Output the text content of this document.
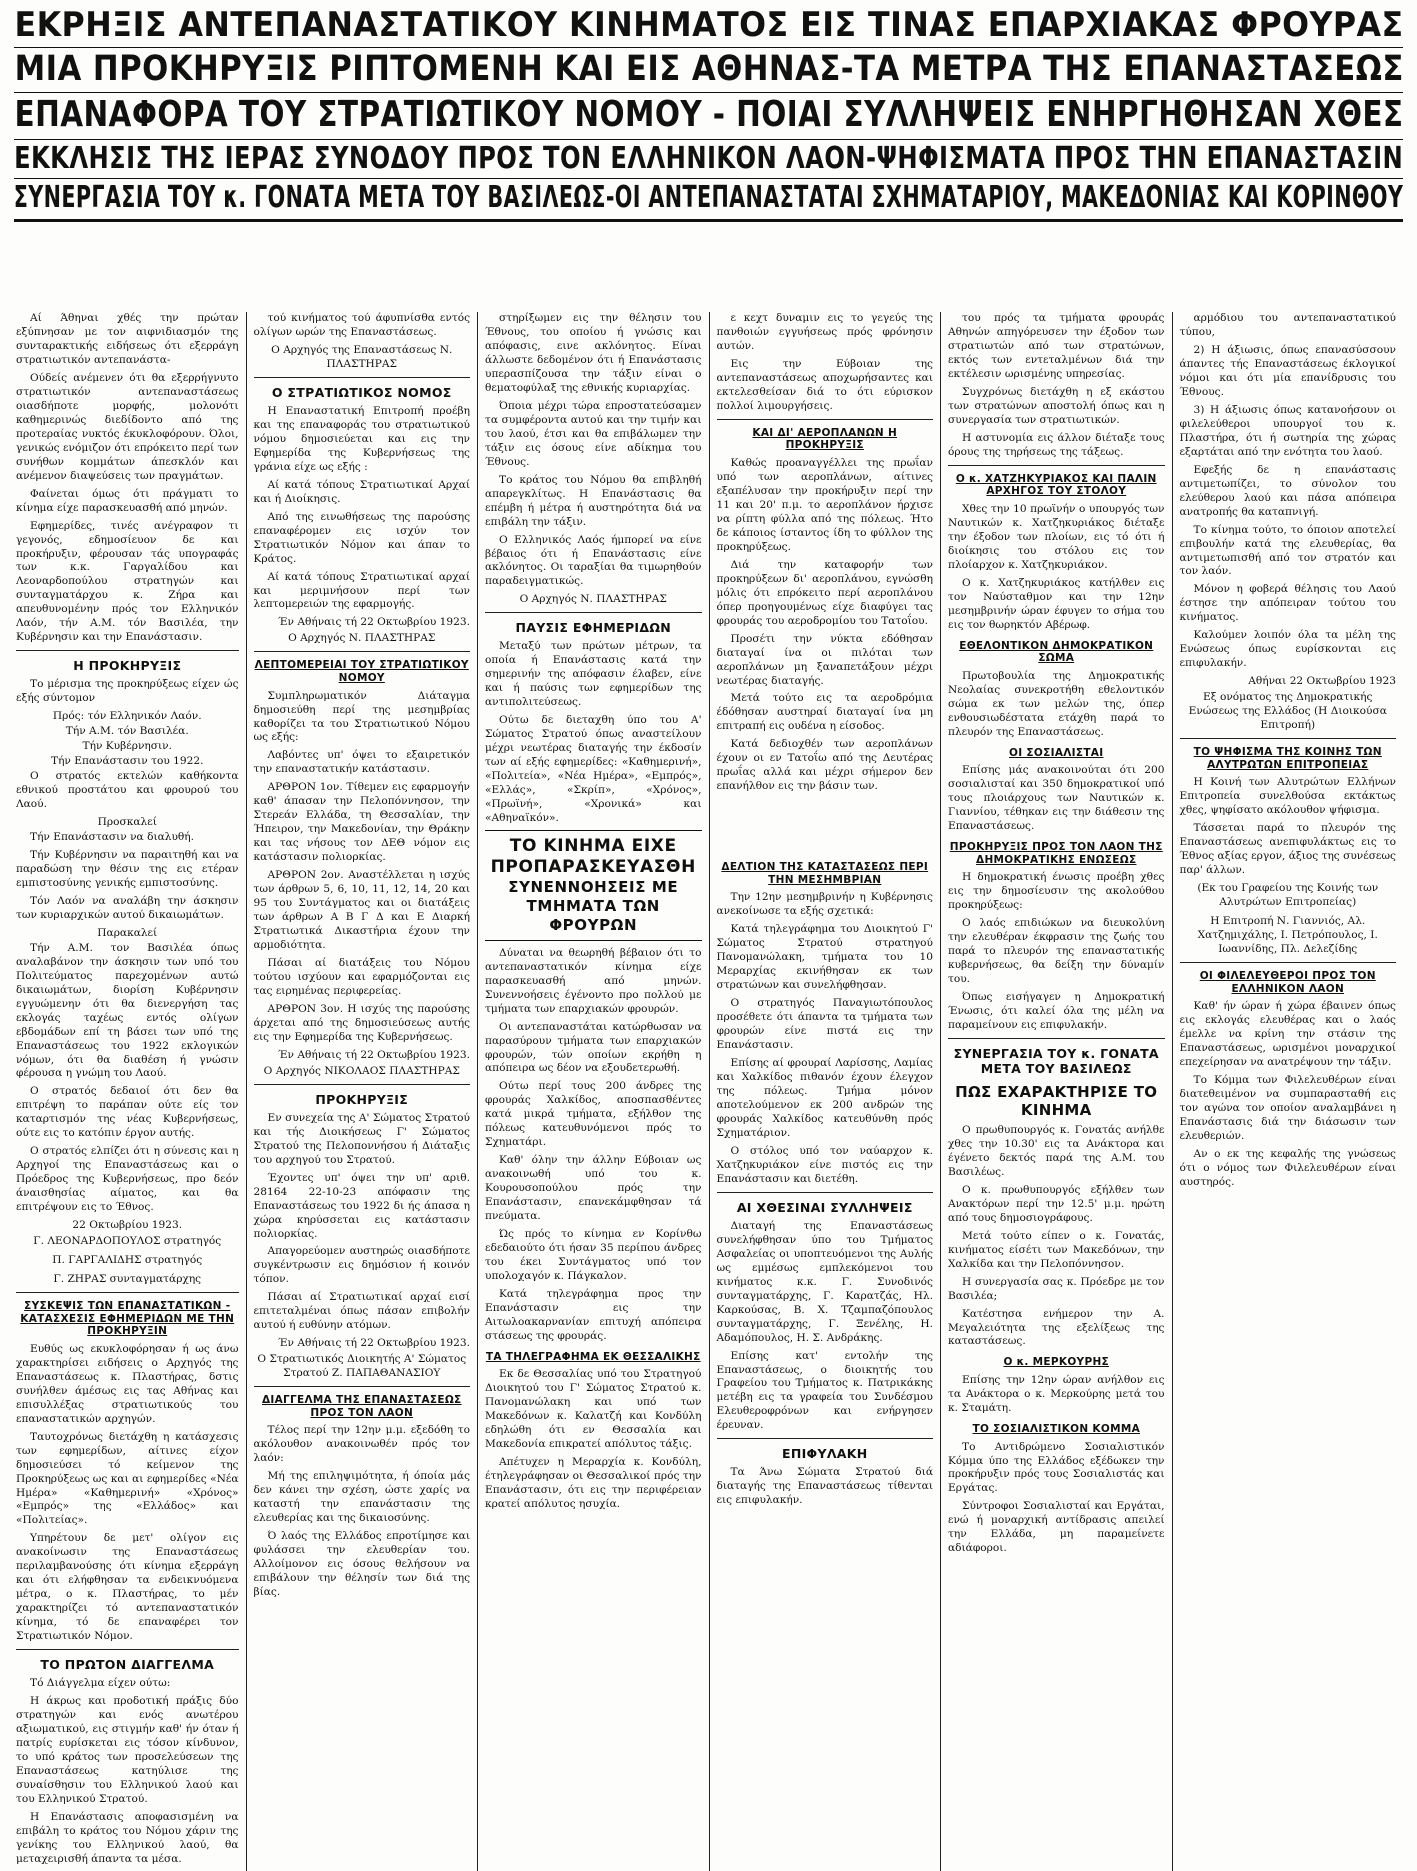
ΕΚΡΗΞΙΣ ΑΝΤΕΠΑΝΑΣΤΑΤΙΚΟΥ ΚΙΝΗΜΑΤΟΣ ΕΙΣ ΤΙΝΑΣ ΕΠΑΡΧΙΑΚΑΣ ΦΡΟΥΡΑΣ
ΜΙΑ ΠΡΟΚΗΡΥΞΙΣ ΡΙΠΤΟΜΕΝΗ ΚΑΙ ΕΙΣ ΑΘΗΝΑΣ-ΤΑ ΜΕΤΡΑ ΤΗΣ ΕΠΑΝΑΣΤΑΣΕΩΣ
ΕΠΑΝΑΦΟΡΑ ΤΟΥ ΣΤΡΑΤΙΩΤΙΚΟΥ ΝΟΜΟΥ - ΠΟΙΑΙ ΣΥΛΛΗΨΕΙΣ ΕΝΗΡΓΗΘΗΣΑΝ ΧΘΕΣ
ΕΚΚΛΗΣΙΣ ΤΗΣ ΙΕΡΑΣ ΣΥΝΟΔΟΥ ΠΡΟΣ ΤΟΝ ΕΛΛΗΝΙΚΟΝ ΛΑΟΝ-ΨΗΦΙΣΜΑΤΑ ΠΡΟΣ ΤΗΝ ΕΠΑΝΑΣΤΑΣΙΝ
ΣΥΝΕΡΓΑΣΙΑ ΤΟΥ κ. ΓΟΝΑΤΑ ΜΕΤΑ ΤΟΥ ΒΑΣΙΛΕΩΣ-ΟΙ ΑΝΤΕΠΑΝΑΣΤΑΤΑΙ ΣΧΗΜΑΤΑΡΙΟΥ, ΜΑΚΕΔΟΝΙΑΣ ΚΑΙ ΚΟΡΙΝΘΟΥ

Αί Άθηναι χθές την πρώταν εξύπνησαν με τον αιφνιδιασμόν της συνταρακτικής ειδήσεως ότι εξερράγη στρατιωτικόν αντεπανάστα-

Ούδείς ανέμενεν ότι θα εξερρήγνυτο στρατιωτικόν αντεπαναστάσεως οιασδήποτε μορφής, μολονότι καθημερινώς διεδίδοντο από της προτεραίας νυκτός έκυκλοφόρουν. Όλοι, γενικώς ενόμιζον ότι επρόκειτο περί των συνήθων κομμάτων άπεσκλόν και ανέμενον διαψεύσεις των πραγμάτων.

Φαίνεται όμως ότι πράγματι το κίνημα είχε παρασκευασθή από μηνών.

Εφημερίδες, τινές ανέγραφον τι γεγονός, εδημοσίευον δε και προκήρυξιν, φέρουσαν τάς υπογραφάς των κ.κ. Γαργαλίδου και Λεοναρδοπούλου στρατηγών και συνταγματάρχου κ. Ζήρα και απευθυνομένην πρός τον Ελληνικόν Λαόν, τήν Α.Μ. τόν Βασιλέα, την Κυβέρνησιν και την Επανάστασιν.

Η ΠΡΟΚΗΡΥΞΙΣ

Το μέρισμα της προκηρύξεως είχεν ώς εξής σύντομον

Πρός: τόν Ελληνικόν Λαόν.

Τήν Α.Μ. τόν Βασιλέα.

Τήν Κυβέρνησιν.

Τήν Επανάστασιν του 1922.

Ο στρατός εκτελών καθήκοντα εθνικού προστάτου και φρουρού του Λαού.

Προσκαλεί

Τήν Επανάστασιν να διαλυθή.

Τήν Κυβέρνησιν να παραιτηθή και να παραδώση την θέσιν της εις ετέραν εμπιστοσύνης γενικής εμπιστοσύνης.

Τόν Λαόν να αναλάβη την άσκησιν των κυριαρχικών αυτού δικαιωμάτων.

Παρακαλεί

Τήν Α.Μ. τον Βασιλέα όπως αναλαβάνον την άσκησιν των υπό του Πολιτεύματος παρεχομένων αυτώ δικαιωμάτων, διορίση Κυβέρνησιν εγγυώμενην ότι θα διενεργήση τας εκλογάς ταχέως εντός ολίγων εβδομάδων επί τη βάσει των υπό της Επαναστάσεως του 1922 εκλογικών νόμων, ότι θα διαθέση ή γνώσιν φέρουσα η γνώμη του Λαού.

Ο στρατός δεδαιοί ότι δεν θα επιτρέψη το παράπαν ούτε είς τον καταρτισμόν της νέας Κυβερνήσεως, ούτε εις το κατόπιν έργον αυτής.

Ο στρατός ελπίζει ότι η σύνεσις και η Αρχηγοί της Επαναστάσεως και ο Πρόεδρος της Κυβερνήσεως, προ δεόν άναισθησίας αίματος, και θα επιτρέψουν εις το Έθνος.

22 Οκτωβρίου 1923.

Γ. ΛΕΟΝΑΡΔΟΠΟΥΛΟΣ στρατηγός

Π. ΓΑΡΓΑΛΙΔΗΣ στρατηγός

Γ. ΖΗΡΑΣ συνταγματάρχης

ΣΥΣΚΕΨΙΣ ΤΩΝ ΕΠΑΝΑΣΤΑΤΙΚΩΝ - ΚΑΤΑΣΧΕΣΙΣ ΕΦΗΜΕΡΙΔΩΝ ΜΕ ΤΗΝ ΠΡΟΚΗΡΥΞΙΝ

Ευθύς ως εκυκλοφόρησαν ή ως άνω χαρακτηρίσει ειδήσεις ο Αρχηγός της Επαναστάσεως κ. Πλαστήρας, δστις συνήλθεν άμέσως εις τας Αθήνας και επισυλλέξας στρατιωτικούς του επαναστατικών αρχηγών.

Ταυτοχρόνως διετάχθη η κατάσχεσις των εφημερίδων, αίτινες είχον δημοσιεύσει τό κείμενον της Προκηρύξεως ως και αι εφημερίδες «Νέα Ημέρα» «Καθημερινή» «Χρόνος» «Εμπρός» της «Ελλάδος» και «Πολιτείας».

Υπηρέτουν δε μετ' ολίγον εις ανακοίνωσιν της Επαναστάσεως περιλαμβανούσης ότι κίνημα εξερράγη και ότι ελήφθησαν τα ενδεικνυόμενα μέτρα, ο κ. Πλαστήρας, το μέν χαρακτηρίζει τό αντεπαναστατικόν κίνημα, τό δε επαναφέρει τον Στρατιωτικόν Νόμον.

ΤΟ ΠΡΩΤΟΝ ΔΙΑΓΓΕΛΜΑ

Τό Διάγγελμα είχεν ούτω:

Η άκρως και προδοτική πράξις δύο στρατηγών και ενός ανωτέρου αξιωματικού, εις στιγμήν καθ' ήν όταν ή πατρίς ευρίσκεται εις τόσον κίνδυνον, το υπό κράτος των προσελεύσεων της Επαναστάσεως κατηύλισε της συναίσθησιν του Ελληνικού λαού και του Ελληνικού Στρατού.

Η Επανάστασις αποφασισμένη να επιβάλη το κράτος του Νόμου χάριν της γενίκης του Ελληνικού λαού, θα μεταχειρισθή άπαντα τα μέσα.

τού κινήματος τού άφυπνίσθα εντός ολίγων ωρών της Επαναστάσεως.

Ο Αρχηγός της Επαναστάσεως Ν. ΠΛΑΣΤΗΡΑΣ

Ο ΣΤΡΑΤΙΩΤΙΚΟΣ ΝΟΜΟΣ

Η Επαναστατική Επιτροπή προέβη και της επαναφοράς του στρατιωτικού νόμου δημοσιεύεται και εις την Εφημερίδα της Κυβερνήσεως της γράνια είχε ως εξής :

Αί κατά τόπους Στρατιωτικαί Αρχαί και ή Διοίκησις.

Από της εινωθήσεως της παρούσης επαναφέρομεν εις ισχύν τον Στρατιωτικόν Νόμον και άπαν το Κράτος.

Αί κατά τόπους Στρατιωτικαί αρχαί και μεριμνήσουν περί των λεπτομερειών της εφαρμογής.

Έν Αθήναις τή 22 Οκτωβρίου 1923.

Ο Αρχηγός Ν. ΠΛΑΣΤΗΡΑΣ

ΛΕΠΤΟΜΕΡΕΙΑΙ ΤΟΥ ΣΤΡΑΤΙΩΤΙΚΟΥ ΝΟΜΟΥ

Συμπληρωματικόν Διάταγμα δημοσιεύθη περί της μεσημβρίας καθορίζει τα του Στρατιωτικού Νόμου ως εξής:

Λαβόντες υπ' όψει το εξαιρετικόν την επαναστατικήν κατάστασιν.

ΑΡΘΡΟΝ 1ον. Τίθεμεν εις εφαρμογήν καθ' άπασαν την Πελοπόννησον, την Στερεάν Ελλάδα, τη Θεσσαλίαν, την Ήπειρον, την Μακεδονίαν, την Θράκην και τας νήσους τον ΔΕΘ νόμον εις κατάστασιν πολιορκίας.

ΑΡΘΡΟΝ 2ον. Αναστέλλεται η ισχύς των άρθρων 5, 6, 10, 11, 12, 14, 20 και 95 του Συντάγματος και οι διατάξεις των άρθρων Α Β Γ Δ και Ε Διαρκή Στρατιωτικά Δικαστήρια έχουν την αρμοδιότητα.

Πάσαι αί διατάξεις του Νόμου τούτου ισχύουν και εφαρμόζονται εις τας ειρημένας περιφερείας.

ΑΡΘΡΟΝ 3ον. Η ισχύς της παρούσης άρχεται από της δημοσιεύσεως αυτής εις την Εφημερίδα της Κυβερνήσεως.

Έν Αθήναις τή 22 Οκτωβρίου 1923.

Ο Αρχηγός ΝΙΚΟΛΑΟΣ ΠΛΑΣΤΗΡΑΣ

ΠΡΟΚΗΡΥΞΙΣ

Εν συνεχεία της Α' Σώματος Στρατού και τής Διοικήσεως Γ' Σώματος Στρατού της Πελοποννήσου ή Διάταξις του αρχηγού του Στρατού.

Έχοντες υπ' όψει την υπ' αριθ. 28164 22-10-23 απόφασιν της Επαναστάσεως του 1922 δι ής άπασα η χώρα κηρύσσεται εις κατάστασιν πολιορκίας.

Απαγορεύομεν αυστηρώς οιασδήποτε συγκέντρωσιν εις δημόσιον ή κοινόν τόπον.

Πάσαι αί Στρατιωτικαί αρχαί εισί επιτεταλμέναι όπως πάσαν επιβολήν αυτού ή ευθύνην ατόμων.

Έν Αθήναις τή 22 Οκτωβρίου 1923.

Ο Στρατιωτικός Διοικητής Α' Σώματος Στρατού Ζ. ΠΑΠΑΘΑΝΑΣΙΟΥ

ΔΙΑΓΓΕΛΜΑ ΤΗΣ ΕΠΑΝΑΣΤΑΣΕΩΣ ΠΡΟΣ ΤΟΝ ΛΑΟΝ

Τέλος περί την 12ην μ.μ. εξεδόθη το ακόλουθον ανακοινωθέν πρός τον λαόν:

Μή της επιληψιμότητα, ή όποία μάς δεν κάνει την σχέση, ώστε χαρίς να καταστή την επανάστασιν της ελευθερίας και της δικαιοσύνης.

Ό λαός της Ελλάδος επροτίμησε και φυλάσσει την ελευθερίαν του. Αλλοίμονον εις όσους θελήσουν να επιβάλουν την θέλησίν των διά της βίας.

στηρίξωμεν εις την θέλησιν του Έθνους, του οποίου ή γνώσις και απόφασις, εινε ακλόνητος. Είναι άλλωστε δεδομένον ότι ή Επανάστασις υπερασπίζουσα την τάξιν είναι ο θεματοφύλαξ της εθνικής κυριαρχίας.

Όποια μέχρι τώρα επροστατεύσαμεν τα συμφέροντα αυτού και την τιμήν και του λαού, έτσι και θα επιβάλωμεν την τάξιν εις όσους είνε αδίκημα του Έθνους.

Το κράτος του Νόμου θα επιβληθή απαρεγκλίτως. Η Επανάστασις θα επέμβη ή μέτρα ή αυστηρότητα διά να επιβάλη την τάξιν.

Ο Ελληνικός Λαός ήμπορεί να είνε βέβαιος ότι ή Επανάστασις είνε ακλόνητος. Οι ταραξίαι θα τιμωρηθούν παραδειγματικώς.

Ο Αρχηγός Ν. ΠΛΑΣΤΗΡΑΣ

ΠΑΥΣΙΣ ΕΦΗΜΕΡΙΔΩΝ

Μεταξύ των πρώτων μέτρων, τα οποία ή Επανάστασις κατά την σημερινήν της απόφασιν έλαβεν, είνε και ή παύσις των εφημερίδων της αντιπολιτεύσεως.

Ούτω δε διεταχθη ύπο του Α' Σώματος Στρατού όπως αναστείλουν μέχρι νεωτέρας διαταγής την έκδοσίν των αί εξής εφημερίδες: «Καθημερινή», «Πολιτεία», «Νέα Ημέρα», «Εμπρός», «Ελλάς», «Σκρίπ», «Χρόνος», «Πρωϊνή», «Χρονικά» και «Αθηναϊκόν».

ΤΟ ΚΙΝΗΜΑ ΕΙΧΕ ΠΡΟΠΑΡΑΣΚΕΥΑΣΘΗ
ΣΥΝΕΝΝΟΗΣΕΙΣ ΜΕ ΤΜΗΜΑΤΑ ΤΩΝ ΦΡΟΥΡΩΝ

Δύναται να θεωρηθή βέβαιον ότι το αντεπαναστατικόν κίνημα είχε παρασκευασθή από μηνών. Συνεννοήσεις έγένοντο προ πολλού με τμήματα των επαρχιακών φρουρών.

Οι αντεπαναστάται κατώρθωσαν να παρασύρουν τμήματα των επαρχιακών φρουρών, τών οποίων εκρήθη η απόπειρα ως δέον να εξουδετερωθή.

Ούτω περί τους 200 άνδρες της φρουράς Χαλκίδος, αποσπασθέντες κατά μικρά τμήματα, εξήλθον της πόλεως κατευθυνόμενοι πρός το Σχηματάρι.

Καθ' όλην την άλλην Εύβοιαν ως ανακοινωθή υπό του κ. Κουρουσοπούλου πρός την Επανάστασιν, επανεκάμφθησαν τά πνεύματα.

Ώς πρός το κίνημα εν Κορίνθω εδεδαιούτο ότι ήσαν 35 περίπου άνδρες του έκει Συντάγματος υπό τον υπολοχαγόν κ. Πάγκαλον.

Κατά τηλεγράφημα προς την Επανάστασιν εις την Αιτωλοακαρνανίαν επιτυχή απόπειρα στάσεως της φρουράς.

ΤΑ ΤΗΛΕΓΡΑΦΗΜΑ ΕΚ ΘΕΣΣΑΛΙΚΗΣ

Εκ δε Θεσσαλίας υπό του Στρατηγού Διοικητού του Γ' Σώματος Στρατού κ. Πανομανώλακη και υπό των Μακεδόνων κ. Καλατζή και Κονδύλη εδηλώθη ότι εν Θεσσαλία και Μακεδονία επικρατεί απόλυτος τάξις.

Απέτυχεν η Μεραρχία κ. Κονδύλη, έτηλεγράφησαν οι Θεσσαλικοί πρός την Επανάστασιν, ότι εις την περιφέρειαν κρατεί απόλυτος ησυχία.

ε κεχτ δυναμιν εις το γεγεύς της πανθοιών εγγυήσεως πρός φρόνησιν αυτών.

Εις την Εύβοιαν της αντεπαναστάσεως αποχωρήσαντες και εκτελεσθείσαν διά το ότι εύρισκον πολλοί λιμουργήσεις.

ΚΑΙ ΔΙ' ΑΕΡΟΠΛΑΝΩΝ Η ΠΡΟΚΗΡΥΞΙΣ

Καθώς προαναγγέλλει της πρωΐαν υπό των αεροπλάνων, αίτινες εξαπέλυσαν την προκήρυξιν περί την 11 και 20' π.μ. το αεροπλάνον ήρχισε να ρίπτη φύλλα από της πόλεως. Ήτο δε κάποιος ίσταντος ίδη το φύλλον της προκηρύξεως.

Διά την καταφορήν των προκηρύξεων δι' αεροπλάνου, εγνώσθη μόλις ότι επρόκειτο περί αεροπλάνου όπερ προηγουμένως είχε διαφύγει τας φρουράς του αεροδρομίου του Τατοΐου.

Προσέτι την νύκτα εδόθησαν διαταγαί ίνα οι πιλόται των αεροπλάνων μη ξαναπετάξουν μέχρι νεωτέρας διαταγής.

Μετά τούτο εις τα αεροδρόμια έδόθησαν αυστηραί διαταγαί ίνα μη επιτραπή εις ουδένα η είσοδος.

Κατά δεδιοχθέν των αεροπλάνων έχουν οι εν Τατοΐω από της Δευτέρας πρωΐας αλλά και μέχρι σήμερον δεν επανήλθον εις την βάσιν των.

ΔΕΛΤΙΟΝ ΤΗΣ ΚΑΤΑΣΤΑΣΕΩΣ ΠΕΡΙ ΤΗΝ ΜΕΣΗΜΒΡΙΑΝ

Την 12ην μεσημβρινήν η Κυβέρνησις ανεκοίνωσε τα εξής σχετικά:

Κατά τηλεγράφημα του Διοικητού Γ' Σώματος Στρατού στρατηγού Πανομανώλακη, τμήματα του 10 Μεραρχίας εκινήθησαν εκ των στρατώνων και συνελήφθησαν.

Ο στρατηγός Παναγιωτόπουλος προσέθετε ότι άπαντα τα τμήματα των φρουρών είνε πιστά εις την Επανάστασιν.

Επίσης αί φρουραί Λαρίσσης, Λαμίας και Χαλκίδος πιθανόν έχουν έλεγχον της πόλεως. Τμήμα μόνον αποτελούμενον εκ 200 ανδρών της φρουράς Χαλκίδος κατευθύνθη πρός Σχηματάριον.

Ο στόλος υπό τον ναύαρχον κ. Χατζηκυριάκον είνε πιστός εις την Επανάστασιν και διετέθη.

ΑΙ ΧΘΕΣΙΝΑΙ ΣΥΛΛΗΨΕΙΣ

Διαταγή της Επαναστάσεως συνελήφθησαν ύπο του Τμήματος Ασφαλείας οι υποπτευόμενοι της Αυλής ως εμμέσως εμπλεκόμενοι του κινήματος κ.κ. Γ. Συνοδινός συνταγματάρχης, Γ. Καρατζάς, Ηλ. Καρκούσας, Β. Χ. Τζαμπαζόπουλος συνταγματάρχης, Γ. Ξενέλης, Η. Αδαμόπουλος, Η. Σ. Ανδράκης.

Επίσης κατ' εντολήν της Επαναστάσεως, ο διοικητής του Γραφείου του Τμήματος κ. Πατρικάκης μετέβη εις τα γραφεία του Συνδέσμου Ελευθεροφρόνων και ενήργησεν έρευναν.

ΕΠΙΦΥΛΑΚΗ

Τα Άνω Σώματα Στρατού διά διαταγής της Επαναστάσεως τίθενται εις επιφυλακήν.

του πρός τα τμήματα φρουράς Αθηνών απηγόρευσεν την έξοδον των στρατιωτών από των στρατώνων, εκτός των εντεταλμένων διά την εκτέλεσιν ωρισμένης υπηρεσίας.

Συγχρόνως διετάχθη η εξ εκάστου των στρατώνων αποστολή όπως και η συνεργασία των στρατιωτικών.

Η αστυνομία εις άλλον διέταξε τους όρους της τηρήσεως της τάξεως.

Ο κ. ΧΑΤΖΗΚΥΡΙΑΚΟΣ ΚΑΙ ΠΑΛΙΝ ΑΡΧΗΓΟΣ ΤΟΥ ΣΤΟΛΟΥ

Χθες την 10 πρωϊνήν ο υπουργός των Ναυτικών κ. Χατζηκυριάκος διέταξε την έξοδον των πλοίων, εις τό ότι ή διοίκησις του στόλου εις τον πλοίαρχον κ. Χατζηκυριάκον.

Ο κ. Χατζηκυριάκος κατήλθεν εις τον Ναύσταθμον και την 12ην μεσημβρινήν ώραν έφυγεν το σήμα του εις τον θωρηκτόν Αβέρωφ.

ΕΘΕΛΟΝΤΙΚΟΝ ΔΗΜΟΚΡΑΤΙΚΟΝ ΣΩΜΑ

Πρωτοβουλία της Δημοκρατικής Νεολαίας συνεκροτήθη εθελοντικόν σώμα εκ των μελών της, όπερ ενθουσιωδέστατα ετάχθη παρά το πλευρόν της Επαναστάσεως.

ΟΙ ΣΟΣΙΑΛΙΣΤΑΙ

Επίσης μάς ανακοινούται ότι 200 σοσιαλισταί και 350 δημοκρατικοί υπό τους πλοιάρχους των Ναυτικών κ. Γιαννίου, τέθηκαν εις την διάθεσιν της Επαναστάσεως.

ΠΡΟΚΗΡΥΞΙΣ ΠΡΟΣ ΤΟΝ ΛΑΟΝ ΤΗΣ ΔΗΜΟΚΡΑΤΙΚΗΣ ΕΝΩΣΕΩΣ

Η δημοκρατική ένωσις προέβη χθες εις την δημοσίευσιν της ακολούθου προκηρύξεως:

Ο λαός επιδιώκων να διευκολύνη την ελευθέραν έκφρασιν της ζωής του παρά το πλευρόν της επαναστατικής κυβερνήσεως, θα δείξη την δύναμίν του.

Όπως εισήγαγεν η Δημοκρατική Ένωσις, ότι καλεί όλα της μέλη να παραμείνουν εις επιφυλακήν.

ΣΥΝΕΡΓΑΣΙΑ ΤΟΥ κ. ΓΟΝΑΤΑ ΜΕΤΑ ΤΟΥ ΒΑΣΙΛΕΩΣ
ΠΩΣ ΕΧΑΡΑΚΤΗΡΙΣΕ ΤΟ ΚΙΝΗΜΑ

Ο πρωθυπουργός κ. Γονατάς ανήλθε χθες την 10.30' εις τα Ανάκτορα και έγένετο δεκτός παρά της Α.Μ. του Βασιλέως.

Ο κ. πρωθυπουργός εξήλθεν των Ανακτόρων περί την 12.5' μ.μ. ηρώτη από τους δημοσιογράφους.

Μετά τούτο είπεν ο κ. Γονατάς, κινήματος είσέτι των Μακεδόνων, την Χαλκίδα και την Πελοπόννησον.

Η συνεργασία σας κ. Πρόεδρε με τον Βασιλέα;

Κατέστησα ενήμερον την Α. Μεγαλειότητα της εξελίξεως της καταστάσεως.

Ο κ. ΜΕΡΚΟΥΡΗΣ

Επίσης την 12ην ώραν ανήλθον εις τα Ανάκτορα ο κ. Μερκούρης μετά του κ. Σταμάτη.

ΤΟ ΣΟΣΙΑΛΙΣΤΙΚΟΝ ΚΟΜΜΑ

Το Αντιδρώμενο Σοσιαλιστικόν Κόμμα ύπο της Ελλάδος εξέδωκεν την προκήρυξιν πρός τους Σοσιαλιστάς και Εργάτας.

Σύντροφοι Σοσιαλισταί και Εργάται, ενώ ή μοναρχική αντίδρασις απειλεί την Ελλάδα, μη παραμείνετε αδιάφοροι.

αρμόδιου του αντεπαναστατικού τύπου,

2) Η άξιωσις, όπως επανασύσσουν άπαντες τής Επαναστάσεως έκλογικοί νόμοι και ότι μία επανίδρυσις του Έθνους.

3) Η άξιωσις όπως κατανοήσουν οι φιλελεύθεροι υπουργοί του κ. Πλαστήρα, ότι ή σωτηρία της χώρας εξαρτάται από την ενότητα του λαού.

Εφεξής δε η επανάστασις αντιμετωπίζει, το σύνολον του ελεύθερου λαού και πάσα απόπειρα ανατροπής θα καταπνιγή.

Το κίνημα τούτο, το όποιον αποτελεί επιβουλήν κατά της ελευθερίας, θα αντιμετωπισθή από τον στρατόν και τον λαόν.

Μόνον η φοβερά θέλησις του Λαού έστησε την απόπειραν τούτου του κινήματος.

Καλούμεν λοιπόν όλα τα μέλη της Ενώσεως όπως ευρίσκονται εις επιφυλακήν.

Αθήναι 22 Οκτωβρίου 1923

Εξ ονόματος της Δημοκρατικής Ενώσεως της Ελλάδος (Η Διοικούσα Επιτροπή)

ΤΟ ΨΗΦΙΣΜΑ ΤΗΣ ΚΟΙΝΗΣ ΤΩΝ ΑΛΥΤΡΩΤΩΝ ΕΠΙΤΡΟΠΕΙΑΣ

Η Κοινή των Αλυτρώτων Ελλήνων Επιτροπεία συνελθούσα εκτάκτως χθες, ψηφίσατο ακόλουθον ψήφισμα.

Τάσσεται παρά το πλευρόν της Επαναστάσεως ανεπιφυλάκτως εις το Έθνος αξίας εργον, άξιος της συνέσεως παρ' άλλων.

(Εκ του Γραφείου της Κοινής των Αλυτρώτων Επιτροπείας)

Η Επιτροπή Ν. Γιαννιός, Αλ. Χατζημιχάλης, Ι. Πετρόπουλος, Ι. Ιωαννίδης, Πλ. Δελεζίδης

ΟΙ ΦΙΛΕΛΕΥΘΕΡΟΙ ΠΡΟΣ ΤΟΝ ΕΛΛΗΝΙΚΟΝ ΛΑΟΝ

Καθ' ήν ώραν ή χώρα έβαινεν όπως εις εκλογάς ελευθέρας και ο λαός έμελλε να κρίνη την στάσιν της Επαναστάσεως, ωρισμένοι μοναρχικοί επεχείρησαν να ανατρέψουν την τάξιν.

Το Κόμμα των Φιλελευθέρων είναι διατεθειμένον να συμπαρασταθή εις τον αγώνα τον οποίον αναλαμβάνει η Επανάστασις διά την διάσωσιν των ελευθεριών.

Αν ο εκ της κεφαλής της γνώσεως ότι ο νόμος των Φιλελευθέρων είναι αυστηρός.
